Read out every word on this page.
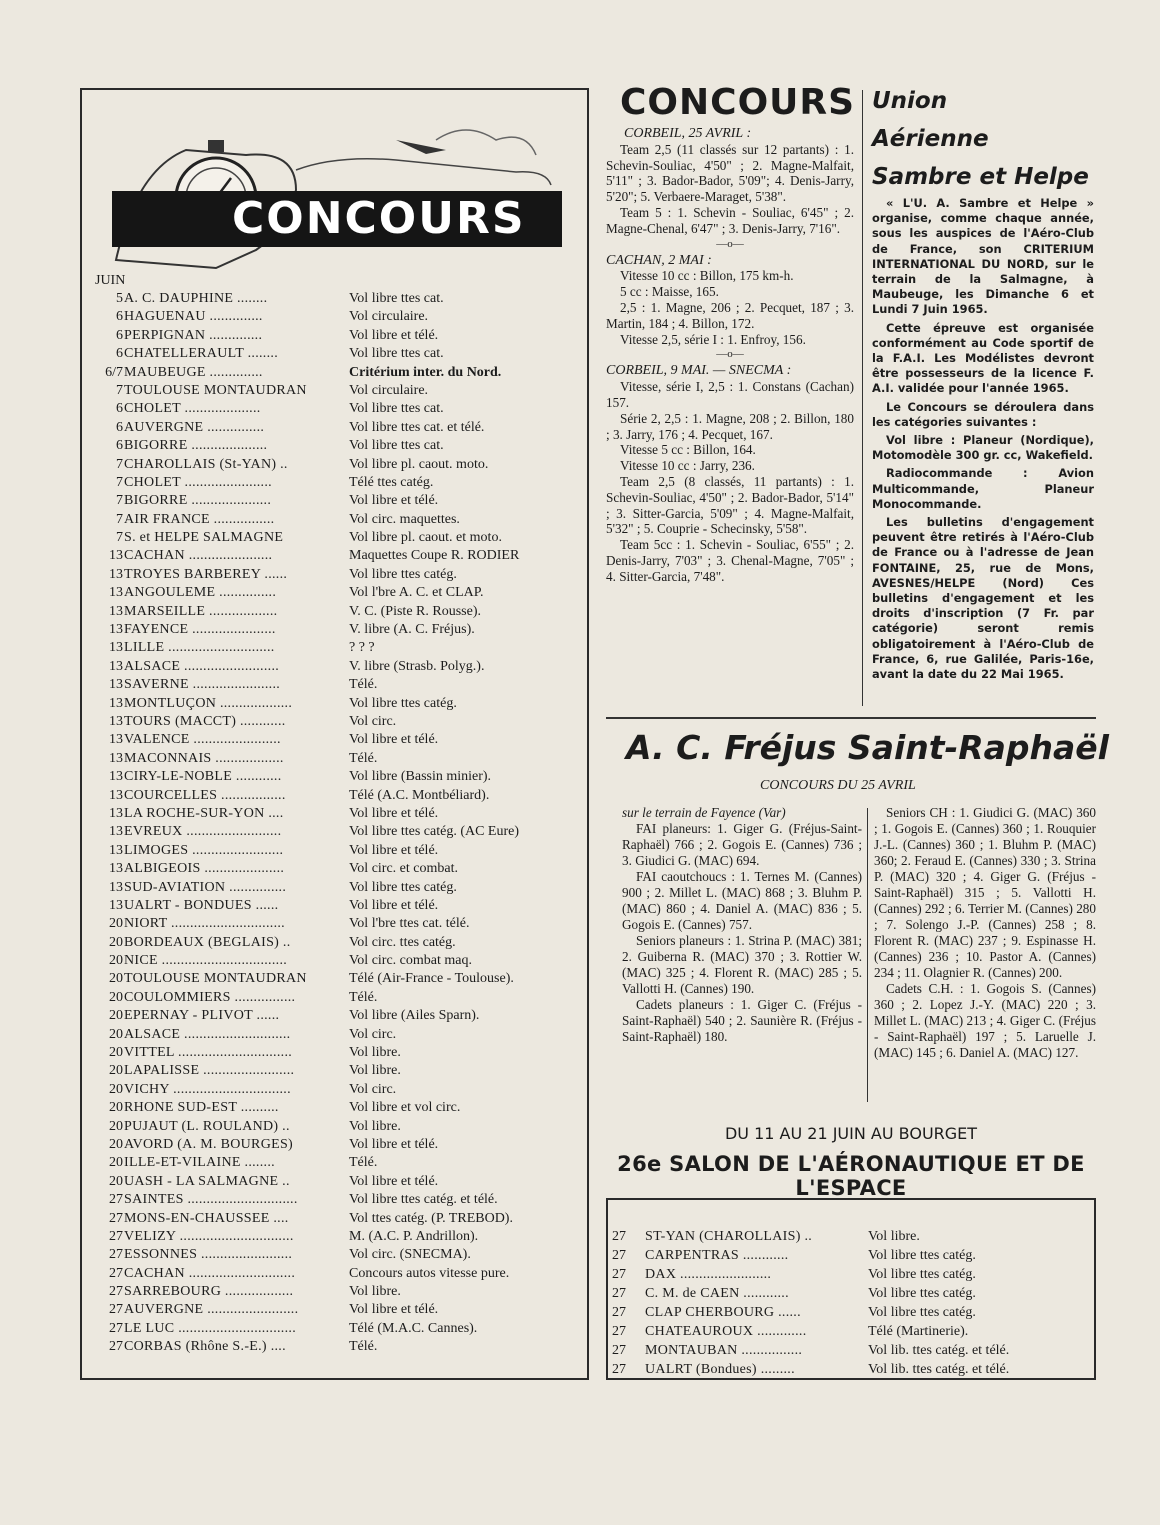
CONCOURS
JUIN
5 A. C. DAUPHINE ........	Vol libre ttes cat.
6 HAGUENAU ..............	Vol circulaire.
6 PERPIGNAN ..............	Vol libre et télé.
6 CHATELLERAULT ........	Vol libre ttes cat.
6/7 MAUBEUGE ..............	Critérium inter. du Nord.
7 TOULOUSE MONTAUDRAN	Vol circulaire.
6 CHOLET ....................	Vol libre ttes cat.
6 AUVERGNE ...............	Vol libre ttes cat. et télé.
6 BIGORRE ....................	Vol libre ttes cat.
7 CHAROLLAIS (St-YAN) ..	Vol libre pl. caout. moto.
7 CHOLET .......................	Télé ttes catég.
7 BIGORRE .....................	Vol libre et télé.
7 AIR FRANCE ................	Vol circ. maquettes.
7 S. et HELPE SALMAGNE	Vol libre pl. caout. et moto.
13 CACHAN ......................	Maquettes Coupe R. RODIER
13 TROYES BARBEREY ......	Vol libre ttes catég.
13 ANGOULEME ...............	Vol l'bre A. C. et CLAP.
13 MARSEILLE ..................	V. C. (Piste R. Rousse).
13 FAYENCE ......................	V. libre (A. C. Fréjus).
13 LILLE ............................	? ? ?
13 ALSACE .........................	V. libre (Strasb. Polyg.).
13 SAVERNE .......................	Télé.
13 MONTLUÇON ...................	Vol libre ttes catég.
13 TOURS (MACCT) ............	Vol circ.
13 VALENCE .......................	Vol libre et télé.
13 MACONNAIS ..................	Télé.
13 CIRY-LE-NOBLE ............	Vol libre (Bassin minier).
13 COURCELLES .................	Télé (A.C. Montbéliard).
13 LA ROCHE-SUR-YON ....	Vol libre et télé.
13 EVREUX .........................	Vol libre ttes catég. (AC Eure)
13 LIMOGES ........................	Vol libre et télé.
13 ALBIGEOIS .....................	Vol circ. et combat.
13 SUD-AVIATION ...............	Vol libre ttes catég.
13 UALRT - BONDUES ......	Vol libre et télé.
20 NIORT ..............................	Vol l'bre ttes cat. télé.
20 BORDEAUX (BEGLAIS) ..	Vol circ. ttes catég.
20 NICE .................................	Vol circ. combat maq.
20 TOULOUSE MONTAUDRAN	Télé (Air-France - Toulouse).
20 COULOMMIERS ................	Télé.
20 EPERNAY - PLIVOT ......	Vol libre (Ailes Sparn).
20 ALSACE ............................	Vol circ.
20 VITTEL ..............................	Vol libre.
20 LAPALISSE ........................	Vol libre.
20 VICHY ...............................	Vol circ.
20 RHONE SUD-EST ..........	Vol libre et vol circ.
20 PUJAUT (L. ROULAND) ..	Vol libre.
20 AVORD (A. M. BOURGES)	Vol libre et télé.
20 ILLE-ET-VILAINE ........	Télé.
20 UASH - LA SALMAGNE ..	Vol libre et télé.
27 SAINTES .............................	Vol libre ttes catég. et télé.
27 MONS-EN-CHAUSSEE ....	Vol ttes catég. (P. TREBOD).
27 VELIZY ..............................	M. (A.C. P. Andrillon).
27 ESSONNES ........................	Vol circ. (SNECMA).
27 CACHAN ............................	Concours autos vitesse pure.
27 SARREBOURG ..................	Vol libre.
27 AUVERGNE ........................	Vol libre et télé.
27 LE LUC ...............................	Télé (M.A.C. Cannes).
27 CORBAS (Rhône S.-E.) ....	Télé.
27	ST-YAN (CHAROLLAIS) ..	Vol libre.
27	CARPENTRAS ............	Vol libre ttes catég.
27	DAX ........................	Vol libre ttes catég.
27	C. M. de CAEN ............	Vol libre ttes catég.
27	CLAP CHERBOURG ......	Vol libre ttes catég.
27	CHATEAUROUX .............	Télé (Martinerie).
27	MONTAUBAN ................	Vol lib. ttes catég. et télé.
27	UALRT (Bondues) .........	Vol lib. ttes catég. et télé.
CONCOURS

CORBEIL, 25 AVRIL :

Team 2,5 (11 classés sur 12 partants) : 1. Schevin-Souliac, 4'50" ; 2. Magne-Malfait, 5'11" ; 3. Bador-Bador, 5'09"; 4. Denis-Jarry, 5'20"; 5. Verbaere-Maraget, 5'38".

Team 5 : 1. Schevin - Souliac, 6'45" ; 2. Magne-Chenal, 6'47" ; 3. Denis-Jarry, 7'16".

—o—

CACHAN, 2 MAI :

Vitesse 10 cc : Billon, 175 km-h.

5 cc : Maisse, 165.

2,5 : 1. Magne, 206 ; 2. Pecquet, 187 ; 3. Martin, 184 ; 4. Billon, 172.

Vitesse 2,5, série I : 1. Enfroy, 156.

—o—

CORBEIL, 9 MAI. — SNECMA :

Vitesse, série I, 2,5 : 1. Constans (Cachan) 157.

Série 2, 2,5 : 1. Magne, 208 ; 2. Billon, 180 ; 3. Jarry, 176 ; 4. Pecquet, 167.

Vitesse 5 cc : Billon, 164.

Vitesse 10 cc : Jarry, 236.

Team 2,5 (8 classés, 11 partants) : 1. Schevin-Souliac, 4'50" ; 2. Bador-Bador, 5'14" ; 3. Sitter-Garcia, 5'09" ; 4. Magne-Malfait, 5'32" ; 5. Couprie - Schecinsky, 5'58".

Team 5cc : 1. Schevin - Souliac, 6'55" ; 2. Denis-Jarry, 7'03" ; 3. Chenal-Magne, 7'05" ; 4. Sitter-Garcia, 7'48".

Union
Aérienne
Sambre et Helpe

« L'U. A. Sambre et Helpe » organise, comme chaque année, sous les auspices de l'Aéro-Club de France, son CRITERIUM INTERNATIONAL DU NORD, sur le terrain de la Salmagne, à Maubeuge, les Dimanche 6 et Lundi 7 Juin 1965.

Cette épreuve est organisée conformément au Code sportif de la F.A.I. Les Modélistes devront être possesseurs de la licence F. A.I. validée pour l'année 1965.

Le Concours se déroulera dans les catégories suivantes :

Vol libre : Planeur (Nordique), Motomodèle 300 gr. cc, Wakefield.

Radiocommande : Avion Multicommande, Planeur Monocommande.

Les bulletins d'engagement peuvent être retirés à l'Aéro-Club de France ou à l'adresse de Jean FONTAINE, 25, rue de Mons, AVESNES/HELPE (Nord) Ces bulletins d'engagement et les droits d'inscription (7 Fr. par catégorie) seront remis obligatoirement à l'Aéro-Club de France, 6, rue Galilée, Paris-16e, avant la date du 22 Mai 1965.

A. C. Fréjus Saint-Raphaël
CONCOURS DU 25 AVRIL

sur le terrain de Fayence (Var)

FAI planeurs: 1. Giger G. (Fréjus-Saint-Raphaël) 766 ; 2. Gogois E. (Cannes) 736 ; 3. Giudici G. (MAC) 694.

FAI caoutchoucs : 1. Ternes M. (Cannes) 900 ; 2. Millet L. (MAC) 868 ; 3. Bluhm P. (MAC) 860 ; 4. Daniel A. (MAC) 836 ; 5. Gogois E. (Cannes) 757.

Seniors planeurs : 1. Strina P. (MAC) 381; 2. Guiberna R. (MAC) 370 ; 3. Rottier W. (MAC) 325 ; 4. Florent R. (MAC) 285 ; 5. Vallotti H. (Cannes) 190.

Cadets planeurs : 1. Giger C. (Fréjus - Saint-Raphaël) 540 ; 2. Saunière R. (Fréjus - Saint-Raphaël) 180.

Seniors CH : 1. Giudici G. (MAC) 360 ; 1. Gogois E. (Cannes) 360 ; 1. Rouquier J.-L. (Cannes) 360 ; 1. Bluhm P. (MAC) 360; 2. Feraud E. (Cannes) 330 ; 3. Strina P. (MAC) 320 ; 4. Giger G. (Fréjus - Saint-Raphaël) 315 ; 5. Vallotti H. (Cannes) 292 ; 6. Terrier M. (Cannes) 280 ; 7. Solengo J.-P. (Cannes) 258 ; 8. Florent R. (MAC) 237 ; 9. Espinasse H. (Cannes) 236 ; 10. Pastor A. (Cannes) 234 ; 11. Olagnier R. (Cannes) 200.

Cadets C.H. : 1. Gogois S. (Cannes) 360 ; 2. Lopez J.-Y. (MAC) 220 ; 3. Millet L. (MAC) 213 ; 4. Giger C. (Fréjus - Saint-Raphaël) 197 ; 5. Laruelle J. (MAC) 145 ; 6. Daniel A. (MAC) 127.

DU 11 AU 21 JUIN AU BOURGET
26e SALON DE L'AÉRONAUTIQUE ET DE L'ESPACE
